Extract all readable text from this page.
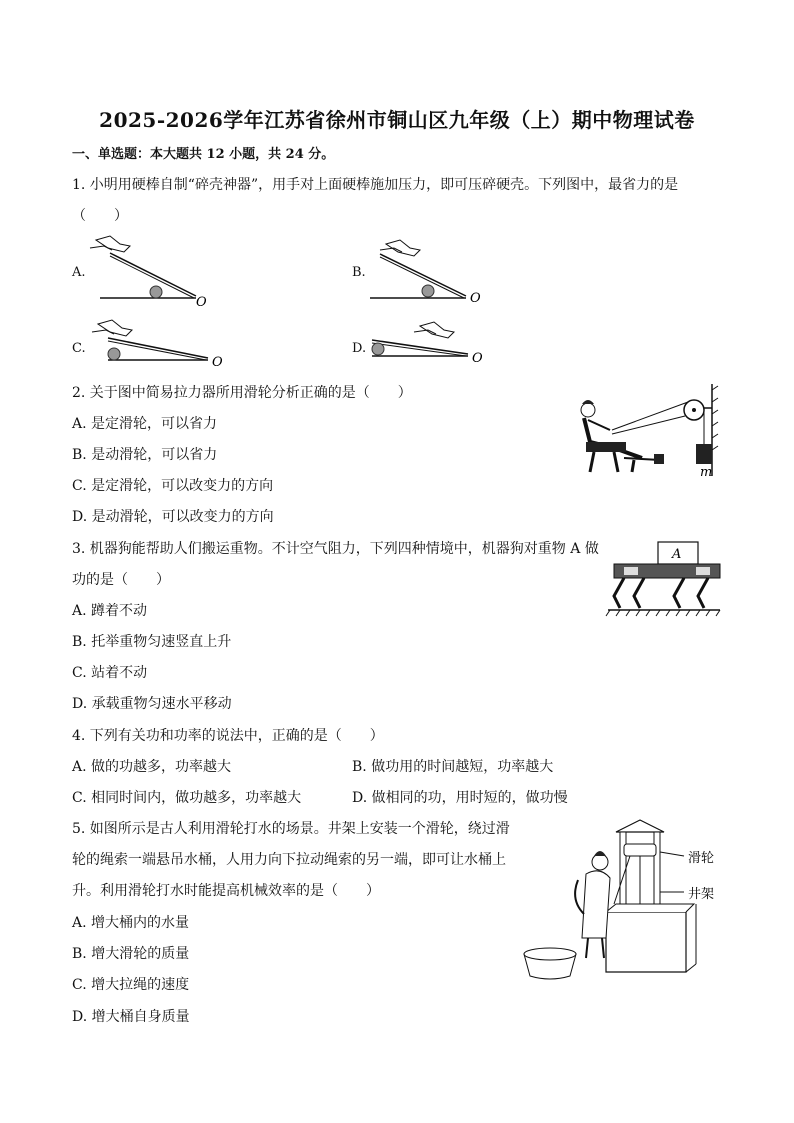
2025-2026学年江苏省徐州市铜山区九年级（上）期中物理试卷
一、单选题：本大题共 12 小题，共 24 分。
1. 小明用硬棒自制“碎壳神器”，用手对上面硬棒施加压力，即可压碎硬壳。下列图中，最省力的是
（　　）
A.	B.
C.	D.
O	O
O	O
2. 关于图中简易拉力器所用滑轮分析正确的是（　　）
A. 是定滑轮，可以省力
B. 是动滑轮，可以省力
C. 是定滑轮，可以改变力的方向
D. 是动滑轮，可以改变力的方向
m
3. 机器狗能帮助人们搬运重物。不计空气阻力，下列四种情境中，机器狗对重物 A 做
功的是（　　）
A. 蹲着不动
B. 托举重物匀速竖直上升
C. 站着不动
D. 承载重物匀速水平移动
A
4. 下列有关功和功率的说法中，正确的是（　　）
A. 做的功越多，功率越大	B. 做功用的时间越短，功率越大
C. 相同时间内，做功越多，功率越大	D. 做相同的功，用时短的，做功慢
5. 如图所示是古人利用滑轮打水的场景。井架上安装一个滑轮，绕过滑
轮的绳索一端悬吊水桶，人用力向下拉动绳索的另一端，即可让水桶上
升。利用滑轮打水时能提高机械效率的是（　　）
A. 增大桶内的水量
B. 增大滑轮的质量
C. 增大拉绳的速度
D. 增大桶自身质量
滑轮
井架
